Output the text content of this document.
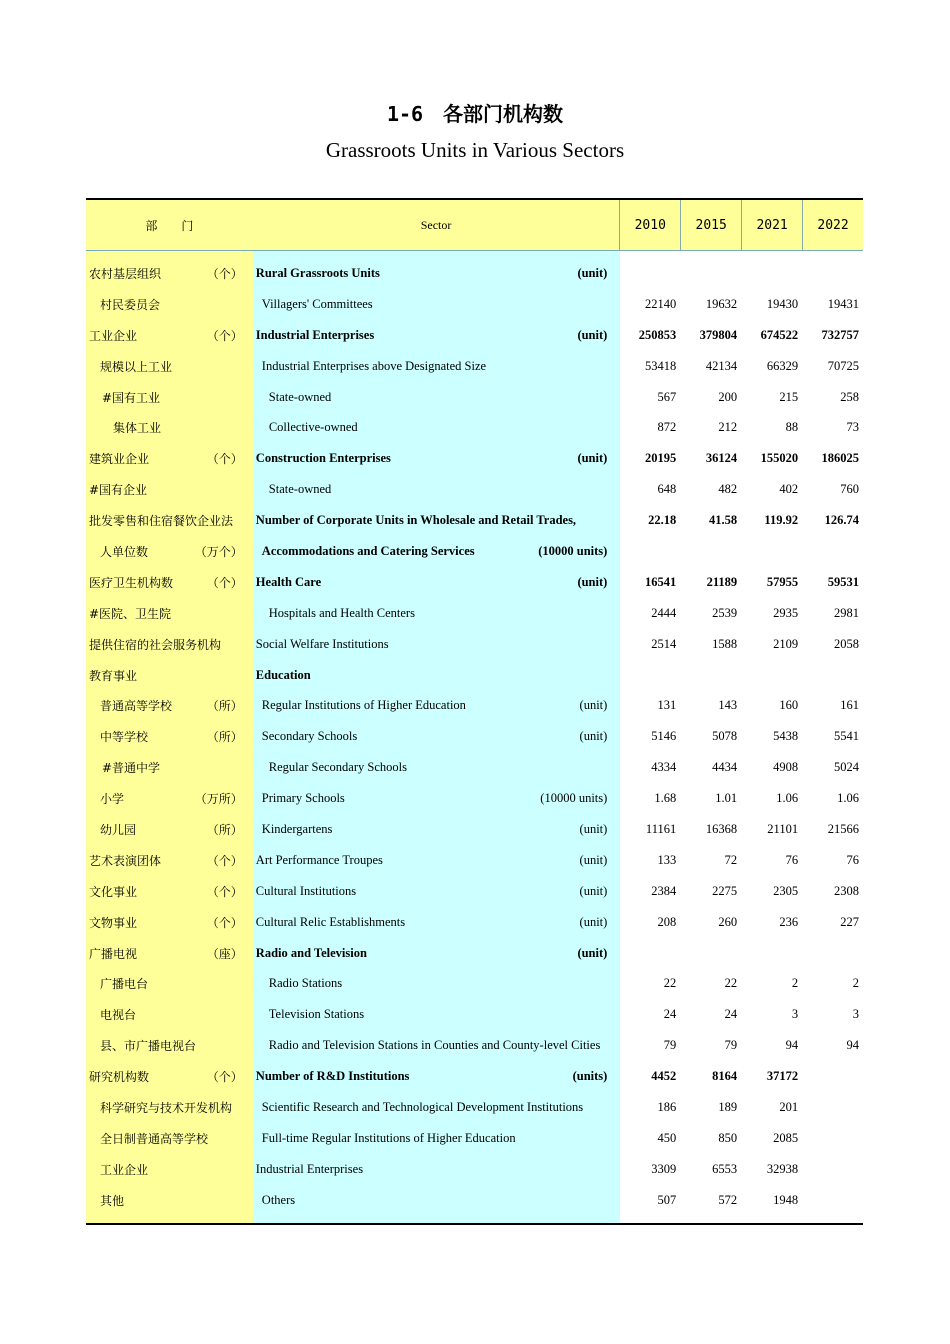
1-6　各部门机构数
Grassroots Units in Various Sectors
部　　门	Sector	2010	2015	2021	2022
农村基层组织	（个） Rural Grassroots Units	(unit)
村民委员会	Villagers' Committees	22140	19632	19430	19431
工业企业	（个） Industrial Enterprises	(unit)	250853	379804	674522	732757
规模以上工业	Industrial Enterprises above Designated Size	53418	42134	66329	70725
#国有工业	State-owned	567	200	215	258
集体工业	Collective-owned	872	212	88	73
建筑业企业	（个） Construction Enterprises	(unit)	20195	36124	155020	186025
#国有企业	State-owned	648	482	402	760
批发零售和住宿餐饮企业法	Number of Corporate Units in Wholesale and Retail Trades,	22.18	41.58	119.92	126.74
人单位数	（万个） Accommodations and Catering Services	(10000 units)
医疗卫生机构数	（个） Health Care	(unit)	16541	21189	57955	59531
#医院、卫生院	Hospitals and Health Centers	2444	2539	2935	2981
提供住宿的社会服务机构	Social Welfare Institutions	2514	1588	2109	2058
教育事业	Education
普通高等学校	（所） Regular Institutions of Higher Education	(unit)	131	143	160	161
中等学校	（所） Secondary Schools	(unit)	5146	5078	5438	5541
#普通中学	Regular Secondary Schools	4334	4434	4908	5024
小学	（万所） Primary Schools	(10000 units)	1.68	1.01	1.06	1.06
幼儿园	（所） Kindergartens	(unit)	11161	16368	21101	21566
艺术表演团体	（个） Art Performance Troupes	(unit)	133	72	76	76
文化事业	（个） Cultural Institutions	(unit)	2384	2275	2305	2308
文物事业	（个） Cultural Relic Establishments	(unit)	208	260	236	227
广播电视	（座） Radio and Television	(unit)
广播电台	Radio Stations	22	22	2	2
电视台	Television Stations	24	24	3	3
县、市广播电视台	Radio and Television Stations in Counties and County-level Cities	79	79	94	94
研究机构数	（个） Number of R&D Institutions	(units)	4452	8164	37172
科学研究与技术开发机构	Scientific Research and Technological Development Institutions	186	189	201
全日制普通高等学校	Full-time Regular Institutions of Higher Education	450	850	2085
工业企业	Industrial Enterprises	3309	6553	32938
其他	Others	507	572	1948
